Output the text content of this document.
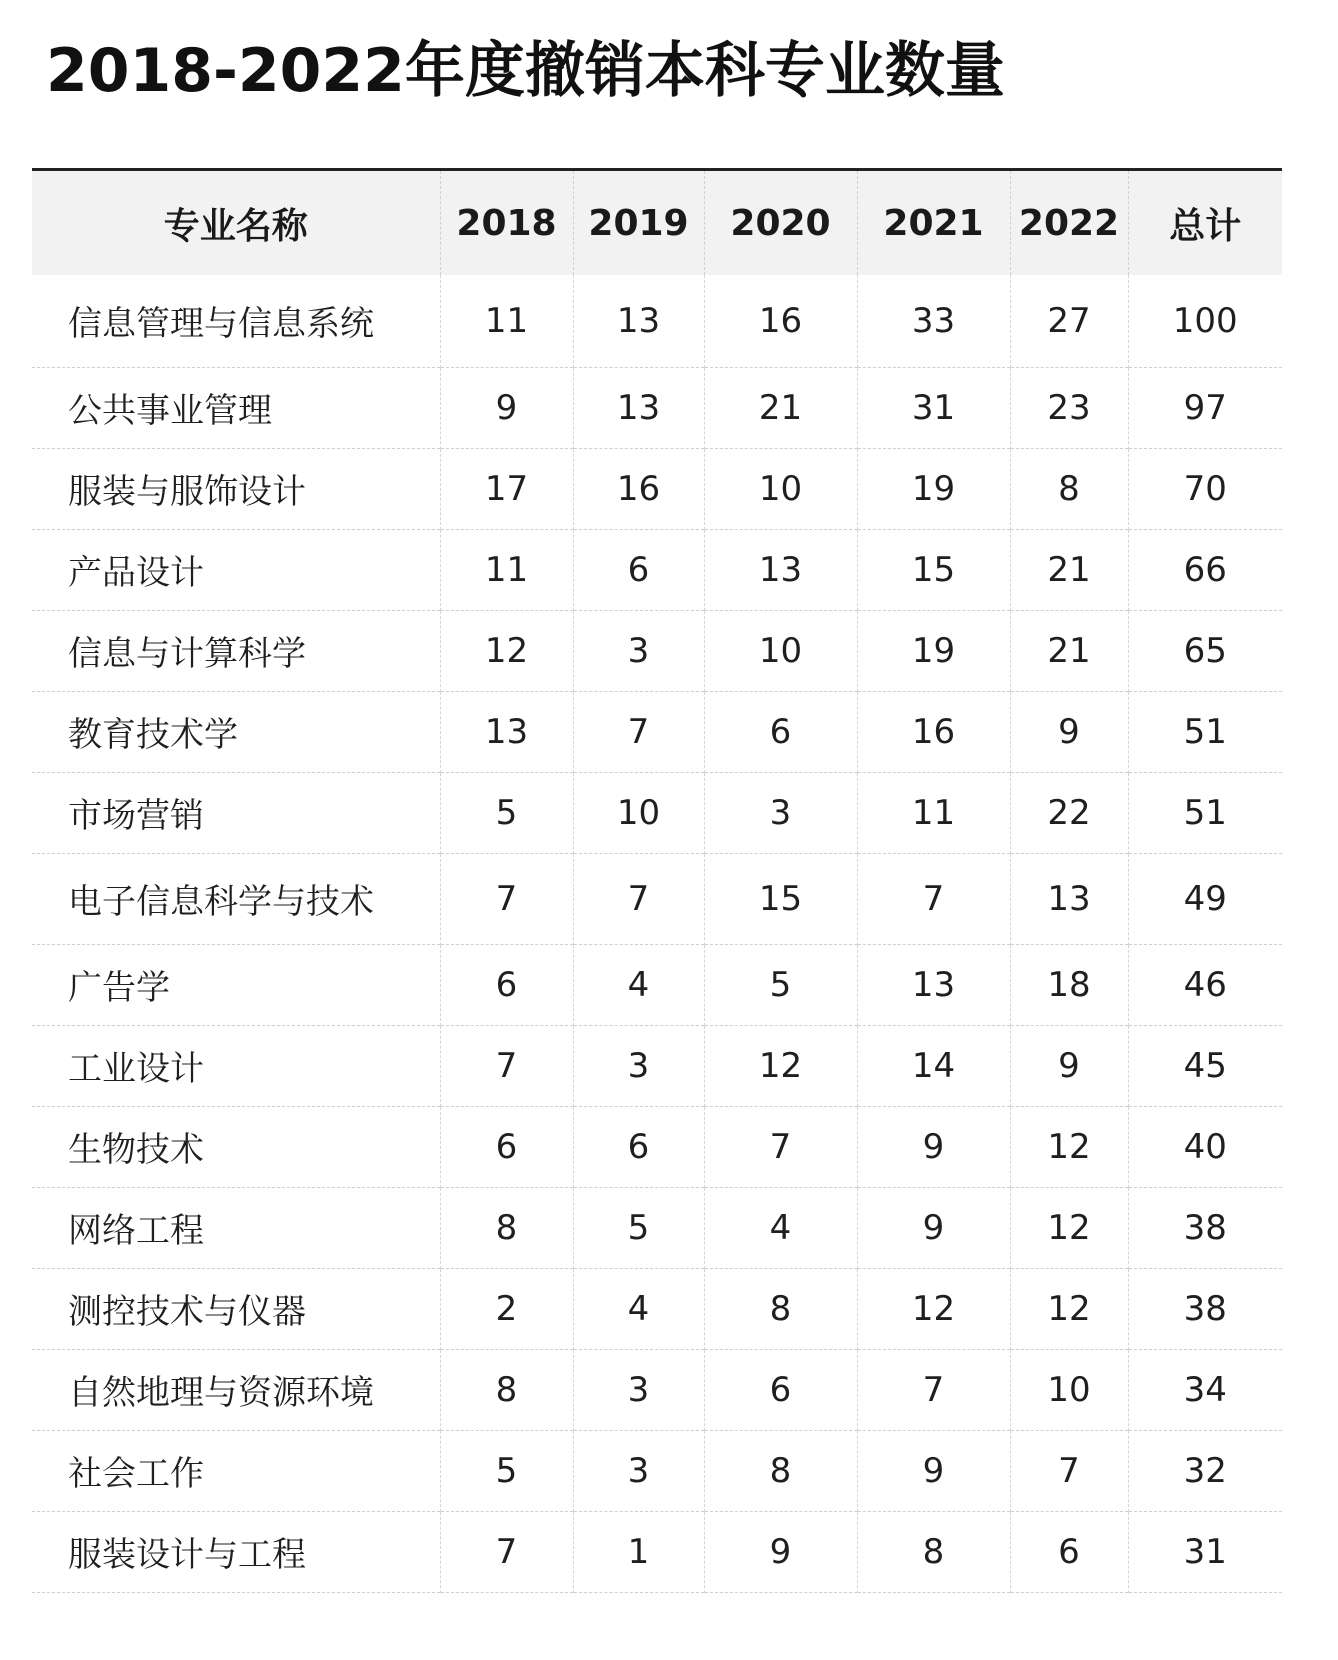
2018-2022年度撤销本科专业数量
专业名称	2018	2019	2020	2021	2022	总计
信息管理与信息系统	11	13	16	33	27	100
公共事业管理	9	13	21	31	23	97
服装与服饰设计	17	16	10	19	8	70
产品设计	11	6	13	15	21	66
信息与计算科学	12	3	10	19	21	65
教育技术学	13	7	6	16	9	51
市场营销	5	10	3	11	22	51
电子信息科学与技术	7	7	15	7	13	49
广告学	6	4	5	13	18	46
工业设计	7	3	12	14	9	45
生物技术	6	6	7	9	12	40
网络工程	8	5	4	9	12	38
测控技术与仪器	2	4	8	12	12	38
自然地理与资源环境	8	3	6	7	10	34
社会工作	5	3	8	9	7	32
服装设计与工程	7	1	9	8	6	31
